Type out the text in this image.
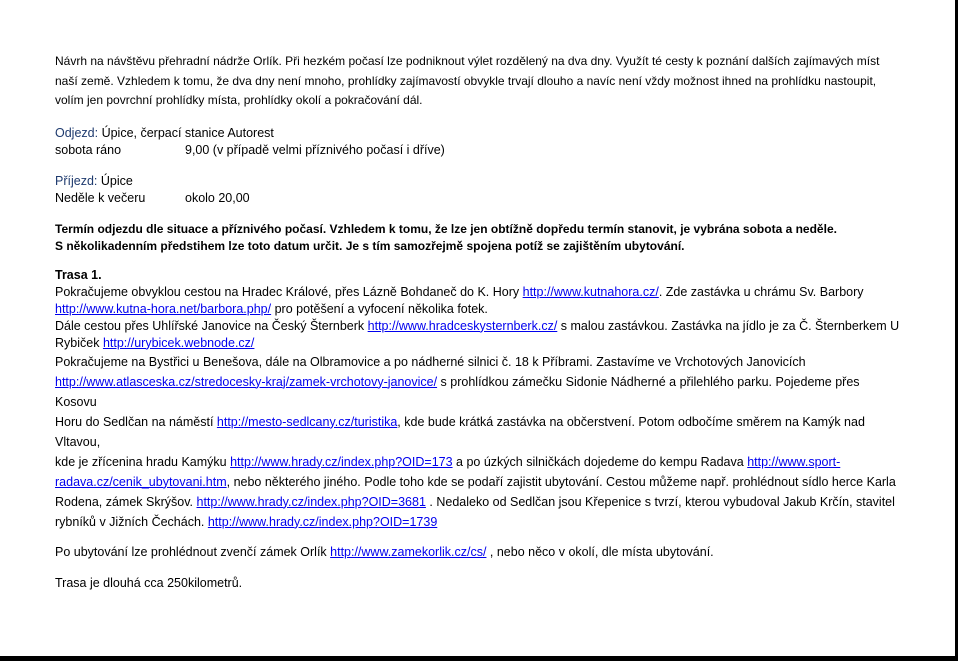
Návrh na návštěvu přehradní nádrže Orlík. Při hezkém počasí lze podniknout výlet rozdělený na dva dny. Využít té cesty k poznání dalších zajímavých míst
naší země. Vzhledem k tomu, že dva dny není mnoho, prohlídky zajímavostí obvykle trvají dlouho a navíc není vždy možnost ihned na prohlídku nastoupit,
volím jen povrchní prohlídky místa, prohlídky okolí a pokračování dál.

Odjezd: Úpice, čerpací stanice Autorest

sobota ráno	9,00 (v případě velmi příznivého počasí i dříve)

Příjezd: Úpice

Neděle k večeru	okolo 20,00

Termín odjezdu dle situace a příznivého počasí. Vzhledem k tomu, že lze jen obtížně dopředu termín stanovit, je vybrána sobota a neděle.

S několikadenním předstihem lze toto datum určit. Je s tím samozřejmě spojena potíž se zajištěním ubytování.

Trasa 1.

Pokračujeme obvyklou cestou na Hradec Králové, přes Lázně Bohdaneč do K. Hory http://www.kutnahora.cz/. Zde zastávka u chrámu Sv. Barbory
http://www.kutna-hora.net/barbora.php/ pro potěšení a vyfocení několika fotek.

Dále cestou přes Uhlířské Janovice na Český Šternberk http://www.hradceskysternberk.cz/ s malou zastávkou. Zastávka na jídlo je za Č. Šternberkem U
Rybiček http://urybicek.webnode.cz/

Pokračujeme na Bystřici u Benešova, dále na Olbramovice a po nádherné silnici č. 18 k Příbrami. Zastavíme ve Vrchotových Janovicích
http://www.atlasceska.cz/stredocesky-kraj/zamek-vrchotovy-janovice/ s prohlídkou zámečku Sidonie Nádherné a přilehlého parku. Pojedeme přes Kosovu
Horu do Sedlčan na náměstí http://mesto-sedlcany.cz/turistika, kde bude krátká zastávka na občerstvení. Potom odbočíme směrem na Kamýk nad Vltavou,
kde je zřícenina hradu Kamýku http://www.hrady.cz/index.php?OID=173 a po úzkých silničkách dojedeme do kempu Radava http://www.sport-
radava.cz/cenik_ubytovani.htm, nebo některého jiného. Podle toho kde se podaří zajistit ubytování. Cestou můžeme např. prohlédnout sídlo herce Karla
Rodena, zámek Skrýšov. http://www.hrady.cz/index.php?OID=3681 . Nedaleko od Sedlčan jsou Křepenice s tvrzí, kterou vybudoval Jakub Krčín, stavitel
rybníků v Jižních Čechách. http://www.hrady.cz/index.php?OID=1739

Po ubytování lze prohlédnout zvenčí zámek Orlík http://www.zamekorlik.cz/cs/ , nebo něco v okolí, dle místa ubytování.

Trasa je dlouhá cca 250kilometrů.
